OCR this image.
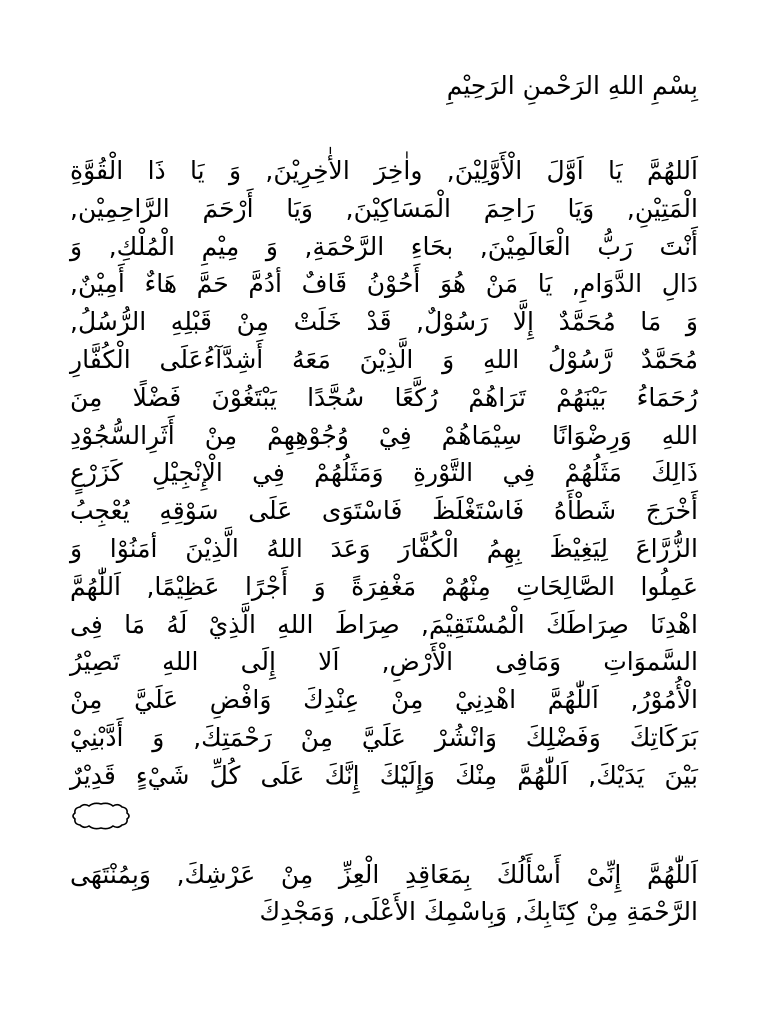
بِسْمِ اللهِ الرَحْمنِ الرَحِيْمِ

اَللهُمَّ يَا اَوَّلَ الْأَوَّلِيْنَ, واٰخِرَ الأٰخِرِيْنَ, وَ يَا ذَا الْقُوَّةِ
الْمَتِيْنِ, وَيَا رَاحِمَ الْمَسَاكِيْنَ, وَيَا أَرْحَمَ الرَّاحِمِيْن,
أَنْتَ رَبُّ الْعَالَمِيْنَ, بحَاءِ الرَّحْمَةِ, وَ مِيْمِ الْمُلْكِ, وَ
دَالِ الدَّوَامِ, يَا مَنْ هُوَ أَحُوْنُ قَافٌ أدُمَّ حَمَّ هَاءٌ أَمِيْنٌ,
وَ مَا مُحَمَّدٌ إِلَّا رَسُوْلٌ, قَدْ خَلَتْ مِنْ قَبْلِهِ الرُّسُلُ,
مُحَمَّدٌ رَّسُوْلُ اللهِ وَ الَّذِيْنَ مَعَهُ أَشِدَّآءُعَلَى الْكُفَّارِ
رُحَمَاءُ بَيْنَهُمْ تَرَاهُمْ رُكَّعًا سُجَّدًا يَبْتَغُوْنَ فَضْلًا مِنَ
اللهِ وَرِضْوَانًا سِيْمَاهُمْ فِيْ وُجُوْهِهِمْ مِنْ أَثَرِالسُّجُوْدِ
ذَالِكَ مَثَلُهُمْ فِي التَّوْرةِ وَمَثَلُهُمْ فِي الْإِنْجِيْلِ كَزَرْعٍ
أَخْرَجَ شَطْأَهُ فَاسْتَغْلَظَ فَاسْتَوَى عَلَى سَوْقِهِ يُعْجِبُ
الزُّرَّاعَ لِيَغِيْظَ بِهِمُ الْكُفَّارَ وَعَدَ اللهُ الَّذِيْنَ أمَنُوْا وَ
عَمِلُوا الصَّالِحَاتِ مِنْهُمْ مَغْفِرَةً وَ أَجْرًا عَظِيْمًا, اَللّٰهُمَّ
اهْدِنَا صِرَاطَكَ الْمُسْتَقِيْمَ, صِرَاطَ اللهِ الَّذِيْ لَهُ مَا فِى
السَّموَاتِ وَمَافِى الْأَرْضِ, اَلا إِلَى اللهِ تَصِيْرُ
الْأُمُوْرُ, اَللّٰهُمَّ اهْدِنِيْ مِنْ عِنْدِكَ وَافْضِ عَلَيَّ مِنْ
بَرَكَاتِكَ وَفَضْلِكَ وَانْشُرْ عَلَيَّ مِنْ رَحْمَتِكَ, وَ أَدَّبْنِيْ
بَيْنَ يَدَيْكَ, اَللّٰهُمَّ مِنْكَ وَإِلَيْكَ إِنَّكَ عَلَى كُلِّ شَيْءٍ قَدِيْرٌ
اَللّٰهُمَّ إِنِّىْ أَسْأَلُكَ بِمَعَاقِدِ الْعِزِّ مِنْ عَرْشِكَ, وَبِمُنْتَهَى
الرَّحْمَةِ مِنْ كِتَابِكَ, وَبِاسْمِكَ الأَعْلَى, وَمَجْدِكَ
